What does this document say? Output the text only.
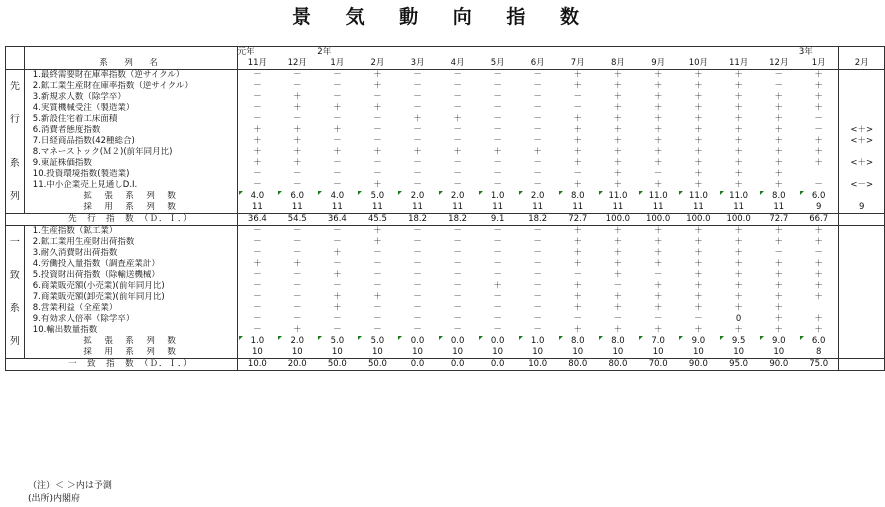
景 気 動 向 指 数
		元年		2年												3年	
	系　列　名	11月	12月	1月	2月	3月	4月	5月	6月	7月	8月	9月	10月	11月	12月	1月	2月
	1.最終需要財在庫率指数（逆サイクル）	－	－	－	＋	－	－	－	－	＋	＋	＋	＋	＋	－	＋	
先	2.鉱工業生産財在庫率指数（逆サイクル）	－	－	－	＋	－	－	－	－	＋	＋	＋	＋	＋	－	＋	
	3.新規求人数（除学卒）	－	＋	－	－	－	－	－	－	－	＋	＋	＋	＋	＋	＋	
	4.実質機械受注（製造業）	－	＋	＋	＋	－	－	－	－	－	＋	＋	＋	＋	＋	＋	
行	5.新設住宅着工床面積	－	－	－	－	＋	＋	－	－	＋	＋	＋	＋	＋	＋	－	
	6.消費者態度指数	＋	＋	＋	－	－	－	－	－	＋	＋	＋	＋	＋	＋	－	<＋>
	7.日経商品指数(42種総合)	＋	＋	－	－	－	－	－	－	＋	＋	＋	＋	＋	＋	＋	<＋>
	8.マネーストック(Ｍ２)(前年同月比)	＋	＋	＋	＋	＋	＋	＋	＋	＋	＋	＋	＋	＋	＋	＋	
系	9.東証株価指数	＋	＋	－	－	－	－	－	－	＋	＋	＋	＋	＋	＋	＋	<＋>
	10.投資環境指数(製造業)	－	－	－	－	－	－	－	－	－	＋	－	＋	＋	＋		
	11.中小企業売上見通しD.I.	－	－	－	＋	－	－	－	－	＋	＋	＋	＋	＋	＋	－	<－>
列	拡　張　系　列　数	4.0	6.0	4.0	5.0	2.0	2.0	1.0	2.0	8.0	11.0	11.0	11.0	11.0	8.0	6.0	
	採　用　系　列　数	11	11	11	11	11	11	11	11	11	11	11	11	11	11	9	9
	先　行　指　数　（Ｄ．Ｉ．）	36.4	54.5	36.4	45.5	18.2	18.2	9.1	18.2	72.7	100.0	100.0	100.0	100.0	72.7	66.7	
	1.生産指数（鉱工業）	－	－	－	＋	－	－	－	－	＋	＋	＋	＋	＋	＋	＋	
一	2.鉱工業用生産財出荷指数	－	－	－	＋	－	－	－	－	＋	＋	＋	＋	＋	＋	＋	
	3.耐久消費財出荷指数	－	－	＋	－	－	－	－	－	＋	＋	＋	＋	＋	－	－	
	4.労働投入量指数（調査産業計）	＋	＋	－	－	－	－	－	－	＋	＋	＋	＋	＋	＋	＋	
致	5.投資財出荷指数（除輸送機械）	－	－	＋	－	－	－	－	－	－	＋	－	＋	＋	＋	＋	
	6.商業販売額(小売業)(前年同月比)	－	－	－	－	－	－	＋	－	＋	－	＋	＋	＋	＋	＋	
	7.商業販売額(卸売業)(前年同月比)	－	－	＋	＋	－	－	－	－	＋	＋	＋	＋	＋	＋	＋	
系	8.営業利益（全産業）	－	－	＋	－	－	－	－	－	＋	＋	＋	＋	＋	＋		
	9.有効求人倍率（除学卒）	－	－	－	－	－	－	－	－	－	－	－	－	0	＋	＋	
	10.輸出数量指数	－	＋	－	－	－	－	－	－	＋	＋	＋	＋	＋	＋	＋	
列	拡　張　系　列　数	1.0	2.0	5.0	5.0	0.0	0.0	0.0	1.0	8.0	8.0	7.0	9.0	9.5	9.0	6.0	
	採　用　系　列　数	10	10	10	10	10	10	10	10	10	10	10	10	10	10	8	
	一　致　指　数　（Ｄ．Ｉ．）	10.0	20.0	50.0	50.0	0.0	0.0	0.0	10.0	80.0	80.0	70.0	90.0	95.0	90.0	75.0	
（注）＜ ＞内は予測
(出所)内閣府
